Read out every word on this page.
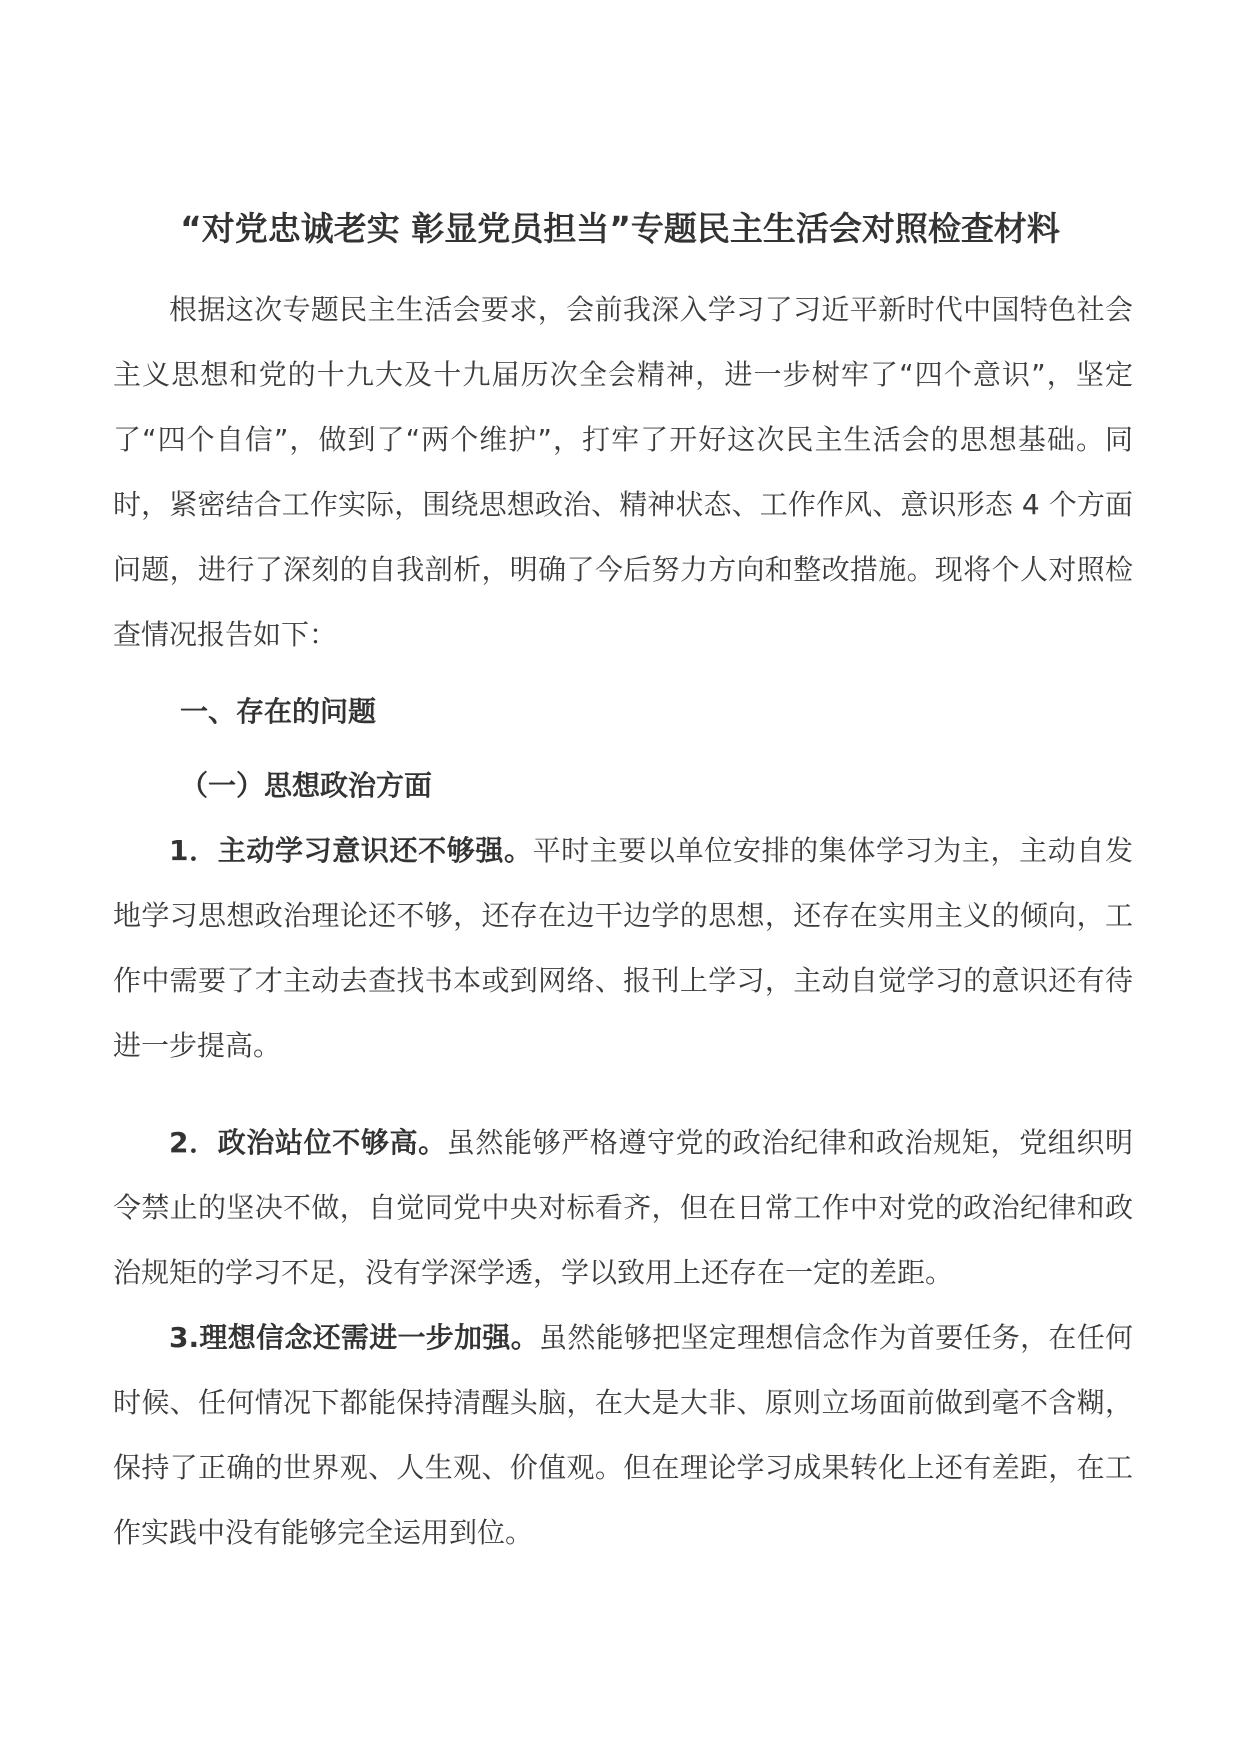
“对党忠诚老实 彰显党员担当”专题民主生活会对照检查材料

根据这次专题民主生活会要求，会前我深入学习了习近平新时代中国特色社会主义思想和党的十九大及十九届历次全会精神，进一步树牢了“四个意识”，坚定了“四个自信”，做到了“两个维护”，打牢了开好这次民主生活会的思想基础。同时，紧密结合工作实际，围绕思想政治、精神状态、工作作风、意识形态 4 个方面问题，进行了深刻的自我剖析，明确了今后努力方向和整改措施。现将个人对照检查情况报告如下：

一、存在的问题

（一）思想政治方面

1．主动学习意识还不够强。平时主要以单位安排的集体学习为主，主动自发地学习思想政治理论还不够，还存在边干边学的思想，还存在实用主义的倾向，工作中需要了才主动去查找书本或到网络、报刊上学习，主动自觉学习的意识还有待进一步提高。

2．政治站位不够高。虽然能够严格遵守党的政治纪律和政治规矩，党组织明令禁止的坚决不做，自觉同党中央对标看齐，但在日常工作中对党的政治纪律和政治规矩的学习不足，没有学深学透，学以致用上还存在一定的差距。

3.理想信念还需进一步加强。虽然能够把坚定理想信念作为首要任务，在任何时候、任何情况下都能保持清醒头脑，在大是大非、原则立场面前做到毫不含糊，保持了正确的世界观、人生观、价值观。但在理论学习成果转化上还有差距，在工作实践中没有能够完全运用到位。
